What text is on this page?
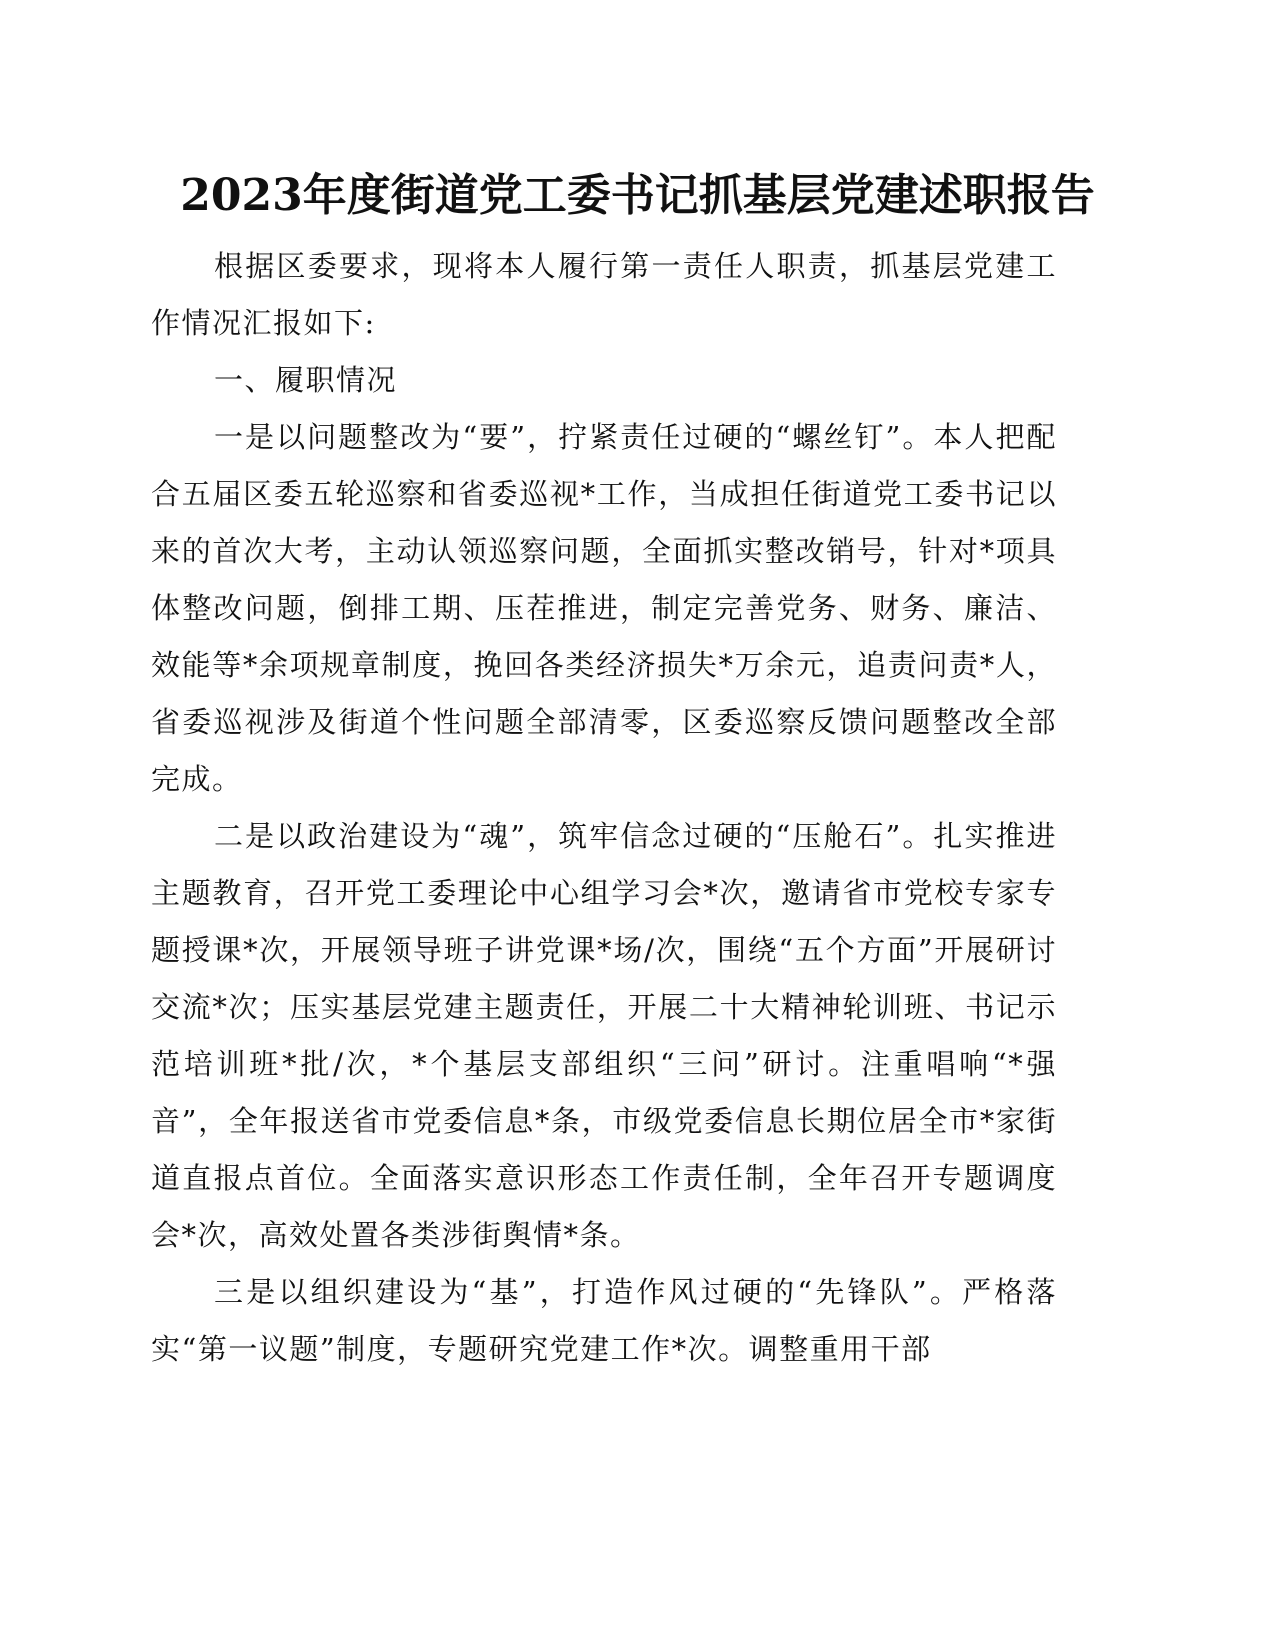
2023年度街道党工委书记抓基层党建述职报告

根据区委要求，现将本人履行第一责任人职责，抓基层党建工作情况汇报如下:

一、履职情况

一是以问题整改为“要”，拧紧责任过硬的“螺丝钉”。本人把配合五届区委五轮巡察和省委巡视*工作，当成担任街道党工委书记以来的首次大考，主动认领巡察问题，全面抓实整改销号，针对*项具体整改问题，倒排工期、压茬推进，制定完善党务、财务、廉洁、效能等*余项规章制度，挽回各类经济损失*万余元，追责问责*人，省委巡视涉及街道个性问题全部清零，区委巡察反馈问题整改全部完成。

二是以政治建设为“魂”，筑牢信念过硬的“压舱石”。扎实推进主题教育，召开党工委理论中心组学习会*次，邀请省市党校专家专题授课*次，开展领导班子讲党课*场/次，围绕“五个方面”开展研讨交流*次；压实基层党建主题责任，开展二十大精神轮训班、书记示范培训班*批/次，*个基层支部组织“三问”研讨。注重唱响“*强音”，全年报送省市党委信息*条，市级党委信息长期位居全市*家街道直报点首位。全面落实意识形态工作责任制，全年召开专题调度会*次，高效处置各类涉街舆情*条。

三是以组织建设为“基”，打造作风过硬的“先锋队”。严格落实“第一议题”制度，专题研究党建工作*次。调整重用干部
